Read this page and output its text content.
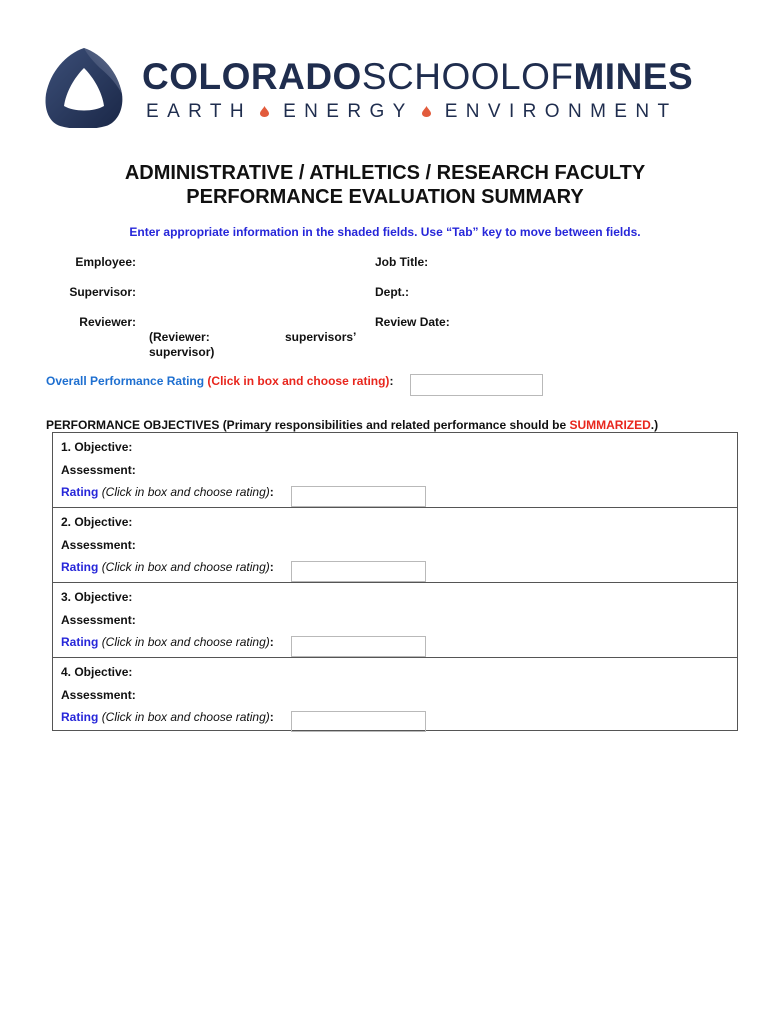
COLORADOSCHOOLOFMINES
EARTH ENERGY ENVIRONMENT
ADMINISTRATIVE / ATHLETICS / RESEARCH FACULTY
PERFORMANCE EVALUATION SUMMARY
Enter appropriate information in the shaded fields. Use “Tab” key to move between fields.
Employee:	Job Title:
Supervisor:	Dept.:
Reviewer:	Review Date:
(Reviewer:	supervisors’
supervisor)
Overall Performance Rating (Click in box and choose rating):
PERFORMANCE OBJECTIVES (Primary responsibilities and related performance should be SUMMARIZED.)
1. Objective:
Assessment:
Rating (Click in box and choose rating):
2. Objective:
Assessment:
Rating (Click in box and choose rating):
3. Objective:
Assessment:
Rating (Click in box and choose rating):
4. Objective:
Assessment:
Rating (Click in box and choose rating):
